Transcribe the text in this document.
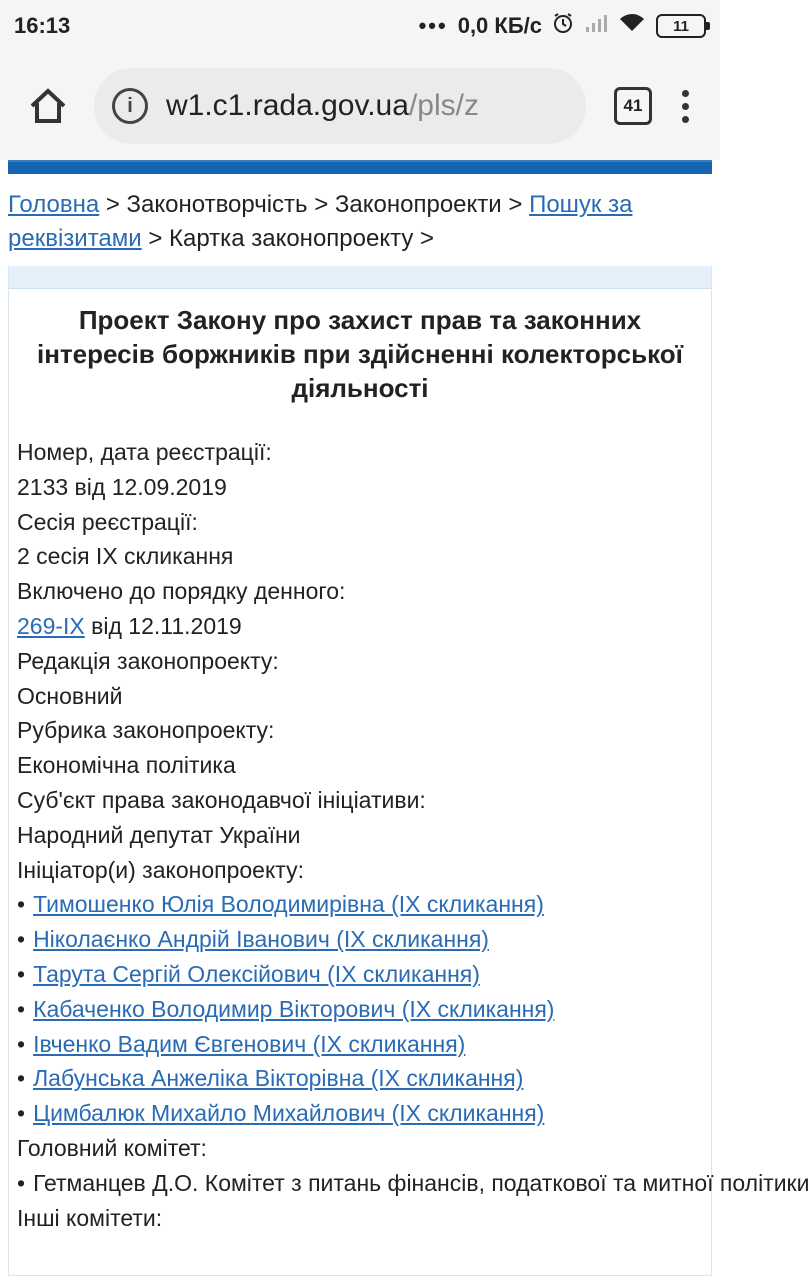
16:13	••• 0,0 КБ/с	11
i	w1.c1.rada.gov.ua/pls/z	41
Головна > Законотворчість > Законопроекти > Пошук за реквізитами > Картка законопроекту >
Проект Закону про захист прав та законних інтересів боржників при здійсненні колекторської діяльності
Номер, дата реєстрації:
2133 від 12.09.2019
Сесія реєстрації:
2 сесія IX скликання
Включено до порядку денного:
269-IX від 12.11.2019
Редакція законопроекту:
Основний
Рубрика законопроекту:
Економічна політика
Суб'єкт права законодавчої ініціативи:
Народний депутат України
Ініціатор(и) законопроекту:
• Тимошенко Юлія Володимирівна (IX скликання)
• Ніколаєнко Андрій Іванович (IX скликання)
• Тарута Сергій Олексійович (IX скликання)
• Кабаченко Володимир Вікторович (IX скликання)
• Івченко Вадим Євгенович (IX скликання)
• Лабунська Анжеліка Вікторівна (IX скликання)
• Цимбалюк Михайло Михайлович (IX скликання)
Головний комітет:
• Гетманцев Д.О. Комітет з питань фінансів, податкової та митної політики
Інші комітети:
